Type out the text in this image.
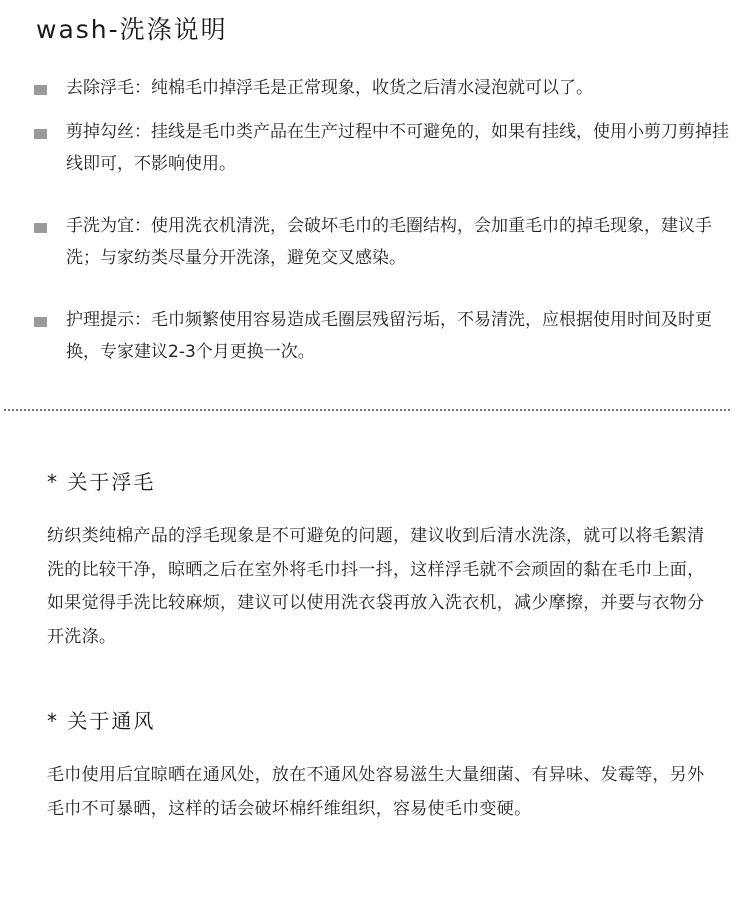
wash-洗涤说明
去除浮毛：纯棉毛巾掉浮毛是正常现象，收货之后清水浸泡就可以了。
剪掉勾丝：挂线是毛巾类产品在生产过程中不可避免的，如果有挂线，使用小剪刀剪掉挂线即可，不影响使用。
手洗为宜：使用洗衣机清洗，会破坏毛巾的毛圈结构，会加重毛巾的掉毛现象，建议手洗；与家纺类尽量分开洗涤，避免交叉感染。
护理提示：毛巾频繁使用容易造成毛圈层残留污垢，不易清洗，应根据使用时间及时更换，专家建议2-3个月更换一次。
* 关于浮毛
纺织类纯棉产品的浮毛现象是不可避免的问题，建议收到后清水洗涤，就可以将毛絮清洗的比较干净，晾晒之后在室外将毛巾抖一抖，这样浮毛就不会顽固的黏在毛巾上面，如果觉得手洗比较麻烦，建议可以使用洗衣袋再放入洗衣机，减少摩擦，并要与衣物分开洗涤。
* 关于通风
毛巾使用后宜晾晒在通风处，放在不通风处容易滋生大量细菌、有异味、发霉等，另外毛巾不可暴晒，这样的话会破坏棉纤维组织，容易使毛巾变硬。
